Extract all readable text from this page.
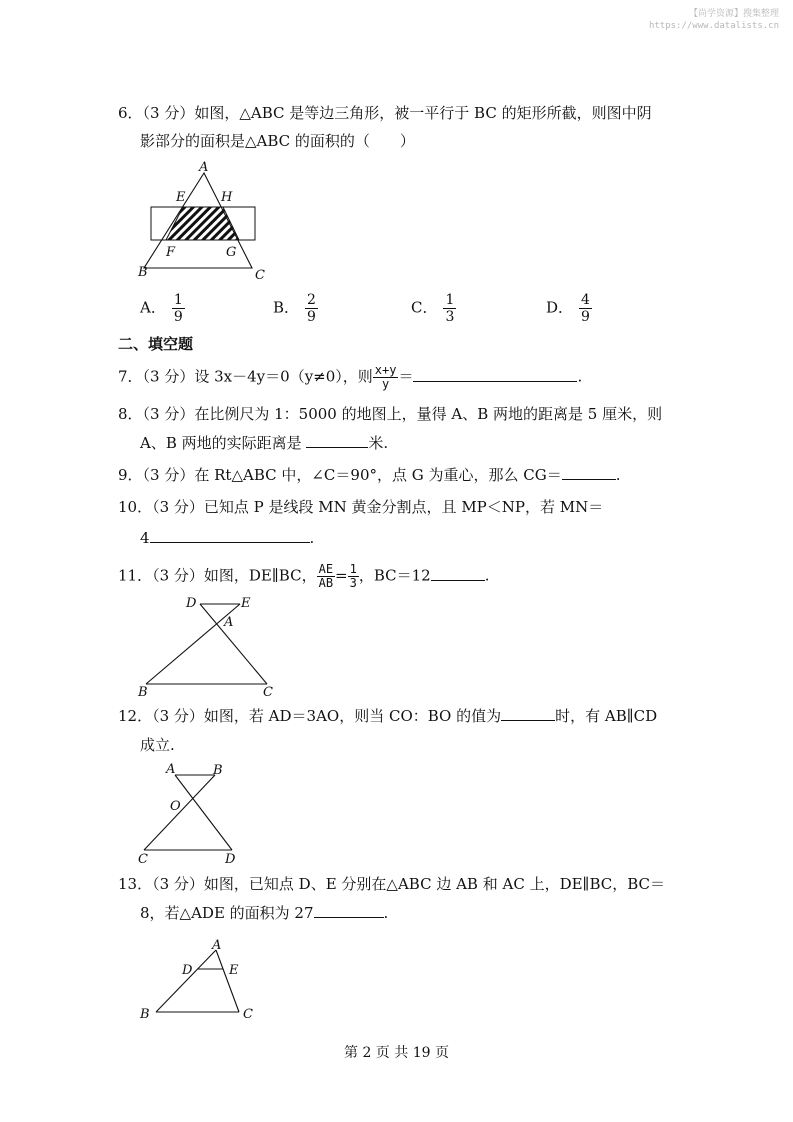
【尚学资源】搜集整理
https://www.datalists.cn
6．（3 分）如图，△ABC 是等边三角形，被一平行于 BC 的矩形所截，则图中阴
影部分的面积是△ABC 的面积的（　　）
A
E	H
F	G
B	C
A． $\frac{1}{9}$	B． $\frac{2}{9}$	C． $\frac{1}{3}$	D． $\frac{4}{9}$
二、填空题
7．（3 分）设 3x－4y＝0（y≠0），则 $\frac{x+y}{y}$ ＝	.
8．（3 分）在比例尺为 1：5000 的地图上，量得 A、B 两地的距离是 5 厘米，则
A、B 两地的实际距离是	米.
9．（3 分）在 Rt△ABC 中，∠C＝90°，点 G 为重心，那么 CG＝	.
10．（3 分）已知点 P 是线段 MN 黄金分割点，且 MP＜NP，若 MN＝
4	.
11．（3 分）如图，DE∥BC， $\frac{AE}{AB} = \frac{1}{3}$ ，BC＝12	.
D	E
A
B	C
12．（3 分）如图，若 AD＝3AO，则当 CO：BO 的值为	时，有 AB∥CD
成立.
A	B
O
C	D
13．（3 分）如图，已知点 D、E 分别在△ABC 边 AB 和 AC 上，DE∥BC，BC＝
8，若△ADE 的面积为 27	.
A
D	E
B	C
第 2 页 共 19 页
